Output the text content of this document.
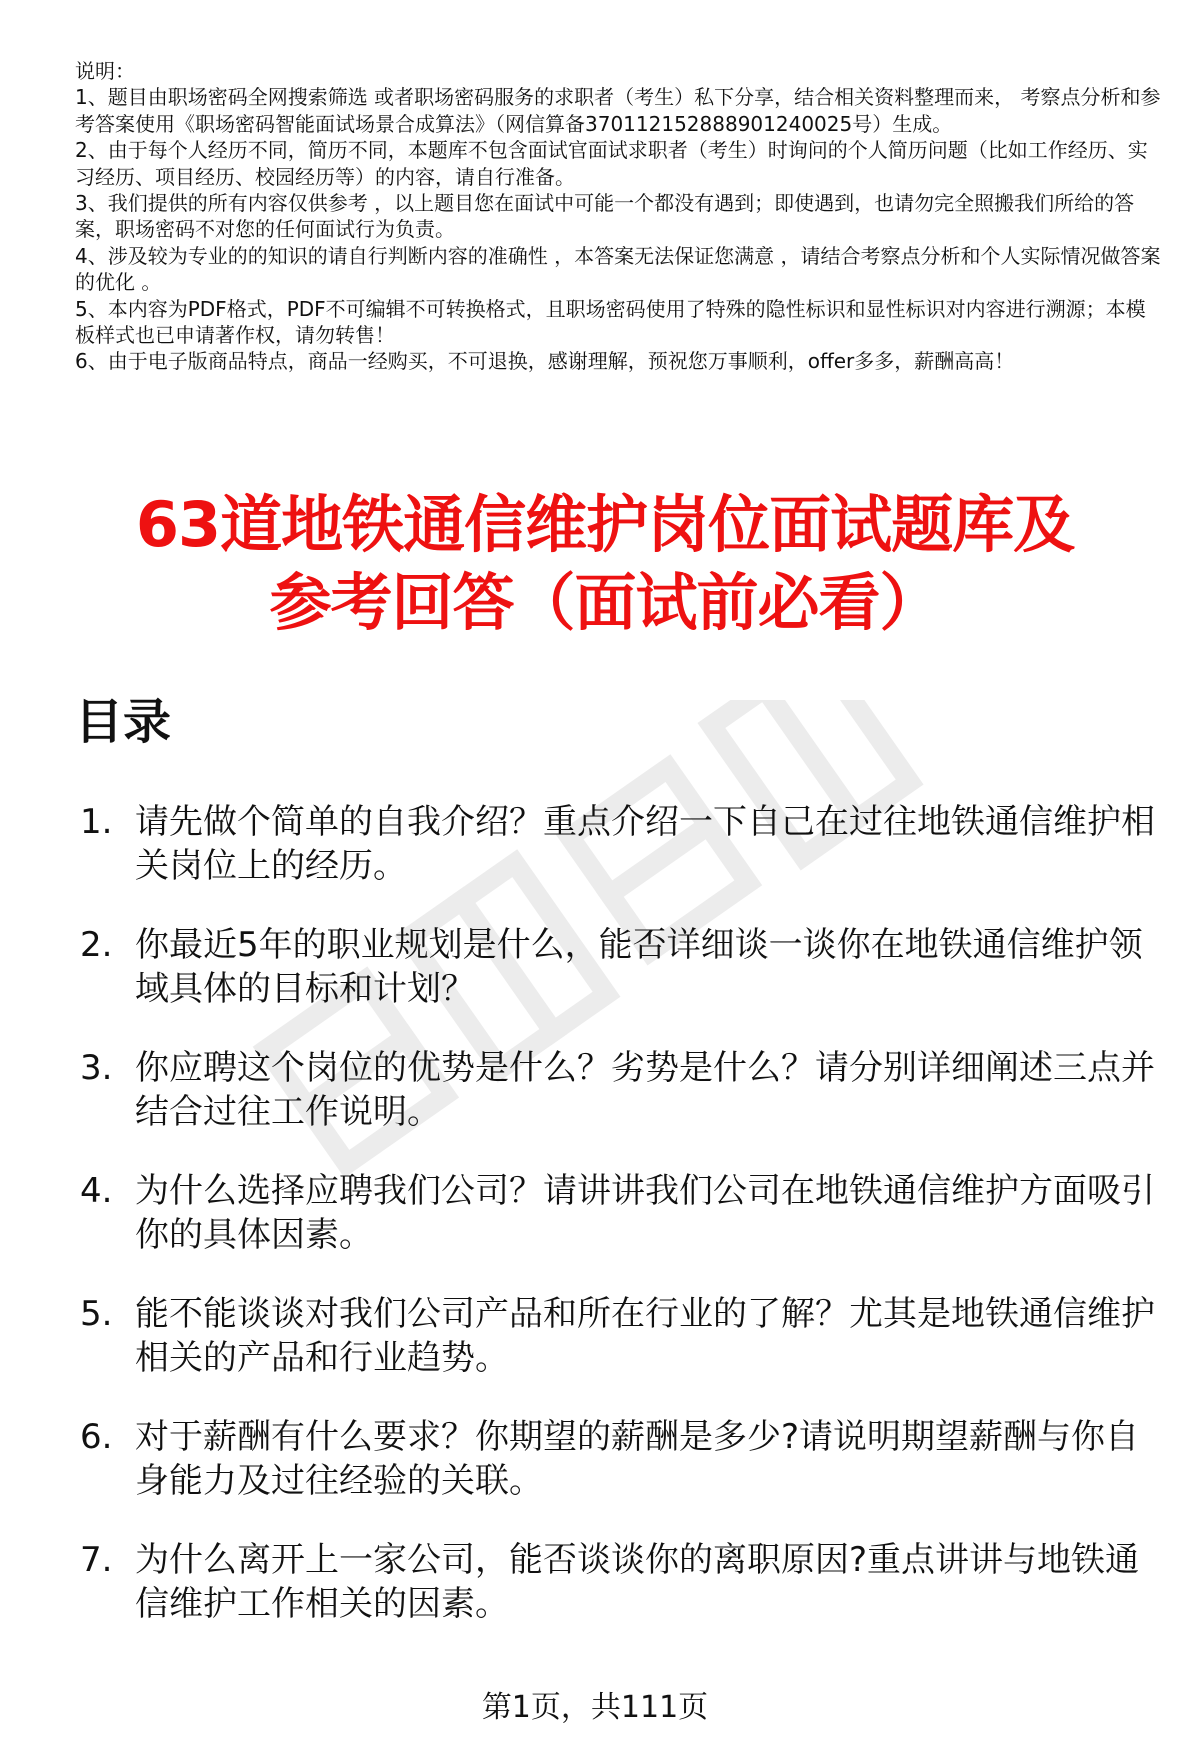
说明：

1、题目由职场密码全网搜索筛选 或者职场密码服务的求职者（考生）私下分享，结合相关资料整理而来， 考察点分析和参考答案使用《职场密码智能面试场景合成算法》（网信算备370112152888901240025号）生成。

2、由于每个人经历不同，简历不同，本题库不包含面试官面试求职者（考生）时询问的个人简历问题（比如工作经历、实习经历、项目经历、校园经历等）的内容，请自行准备。

3、我们提供的所有内容仅供参考 ，以上题目您在面试中可能一个都没有遇到；即使遇到，也请勿完全照搬我们所给的答案，职场密码不对您的任何面试行为负责。

4、涉及较为专业的的知识的请自行判断内容的准确性 ，本答案无法保证您满意 ，请结合考察点分析和个人实际情况做答案的优化 。

5、本内容为PDF格式，PDF不可编辑不可转换格式，且职场密码使用了特殊的隐性标识和显性标识对内容进行溯源；本模板样式也已申请著作权，请勿转售！

6、由于电子版商品特点，商品一经购买，不可退换，感谢理解，预祝您万事顺利，offer多多，薪酬高高！

63道地铁通信维护岗位面试题库及
参考回答（面试前必看）
目录
1. 请先做个简单的自我介绍？重点介绍一下自己在过往地铁通信维护相关岗位上的经历。
2. 你最近5年的职业规划是什么，能否详细谈一谈你在地铁通信维护领域具体的目标和计划？
3. 你应聘这个岗位的优势是什么？劣势是什么？请分别详细阐述三点并结合过往工作说明。
4. 为什么选择应聘我们公司？请讲讲我们公司在地铁通信维护方面吸引你的具体因素。
5. 能不能谈谈对我们公司产品和所在行业的了解？尤其是地铁通信维护相关的产品和行业趋势。
6. 对于薪酬有什么要求？你期望的薪酬是多少?请说明期望薪酬与你自身能力及过往经验的关联。
7. 为什么离开上一家公司，能否谈谈你的离职原因?重点讲讲与地铁通信维护工作相关的因素。
第1页，共111页
